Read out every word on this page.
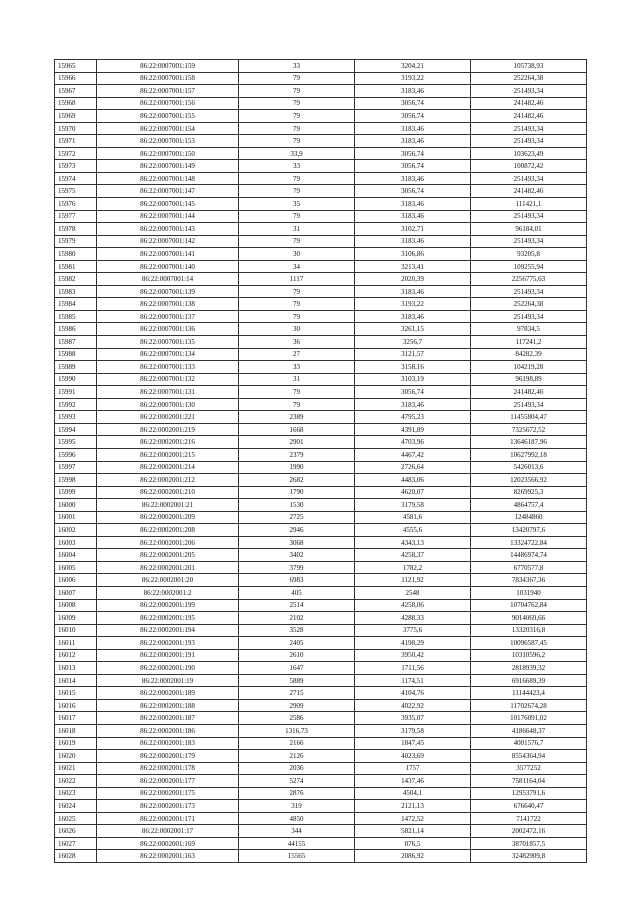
15965	86:22:0007001:159	33	3204,21	105738,93
15966	86:22:0007001:158	79	3193,22	252264,38
15967	86:22:0007001:157	79	3183,46	251493,34
15968	86:22:0007001:156	79	3056,74	241482,46
15969	86:22:0007001:155	79	3056,74	241482,46
15970	86:22:0007001:154	79	3183,46	251493,34
15971	86:22:0007001:153	79	3183,46	251493,34
15972	86:22:0007001:150	33,9	3056,74	103623,49
15973	86:22:0007001:149	33	3056,74	100872,42
15974	86:22:0007001:148	79	3183,46	251493,34
15975	86:22:0007001:147	79	3056,74	241482,46
15976	86:22:0007001:145	35	3183,46	111421,1
15977	86:22:0007001:144	79	3183,46	251493,34
15978	86:22:0007001:143	31	3102,71	96184,01
15979	86:22:0007001:142	79	3183,46	251493,34
15980	86:22:0007001:141	30	3106,86	93205,8
15981	86:22:0007001:140	34	3213,41	109255,94
15982	86:22:0007001:14	1117	2020,39	2256775,63
15983	86:22:0007001:139	79	3183,46	251493,34
15984	86:22:0007001:138	79	3193,22	252264,38
15985	86:22:0007001:137	79	3183,46	251493,34
15986	86:22:0007001:136	30	3261,15	97834,5
15987	86:22:0007001:135	36	3256,7	117241,2
15988	86:22:0007001:134	27	3121,57	84282,39
15989	86:22:0007001:133	33	3158,16	104219,28
15990	86:22:0007001:132	31	3103,19	96198,89
15991	86:22:0007001:131	79	3056,74	241482,46
15992	86:22:0007001:130	79	3183,46	251493,34
15993	86:22:0002001:221	2389	4795,23	11455804,47
15994	86:22:0002001:219	1668	4391,89	7325672,52
15995	86:22:0002001:216	2901	4703,96	13646187,96
15996	86:22:0002001:215	2379	4467,42	10627992,18
15997	86:22:0002001:214	1990	2726,64	5426013,6
15998	86:22:0002001:212	2682	4483,06	12023566,92
15999	86:22:0002001:210	1790	4620,07	8269925,3
16000	86:22:0002001:21	1530	3179,58	4864757,4
16001	86:22:0002001:209	2725	4581,6	12484860
16002	86:22:0002001:208	2946	4555,6	13420797,6
16003	86:22:0002001:206	3068	4343,13	13324722,84
16004	86:22:0002001:205	3402	4258,37	14486974,74
16005	86:22:0002001:201	3799	1782,2	6770577,8
16006	86:22:0002001:20	6983	1121,92	7834367,36
16007	86:22:0002001:2	405	2548	1031940
16008	86:22:0002001:199	2514	4258,06	10704762,84
16009	86:22:0002001:195	2102	4288,33	9014069,66
16010	86:22:0002001:194	3528	3775,6	13320316,8
16011	86:22:0002001:193	2405	4198,29	10096587,45
16012	86:22:0002001:191	2610	3950,42	10310596,2
16013	86:22:0002001:190	1647	1711,56	2818939,32
16014	86:22:0002001:19	5889	1174,51	6916689,39
16015	86:22:0002001:189	2715	4104,76	11144423,4
16016	86:22:0002001:188	2909	4022,92	11702674,28
16017	86:22:0002001:187	2586	3935,07	10176091,02
16018	86:22:0002001:186	1316,73	3179,58	4186648,37
16019	86:22:0002001:183	2166	1847,45	4001576,7
16020	86:22:0002001:179	2126	4023,69	8554364,94
16021	86:22:0002001:178	2036	1757	3577252
16022	86:22:0002001:177	5274	1437,46	7581164,04
16023	86:22:0002001:175	2876	4504,1	12953791,6
16024	86:22:0002001:173	319	2121,13	676640,47
16025	86:22:0002001:171	4850	1472,52	7141722
16026	86:22:0002001:17	344	5821,14	2002472,16
16027	86:22:0002001:169	44155	876,5	38701857,5
16028	86:22:0002001:163	15565	2086,92	32482909,8
